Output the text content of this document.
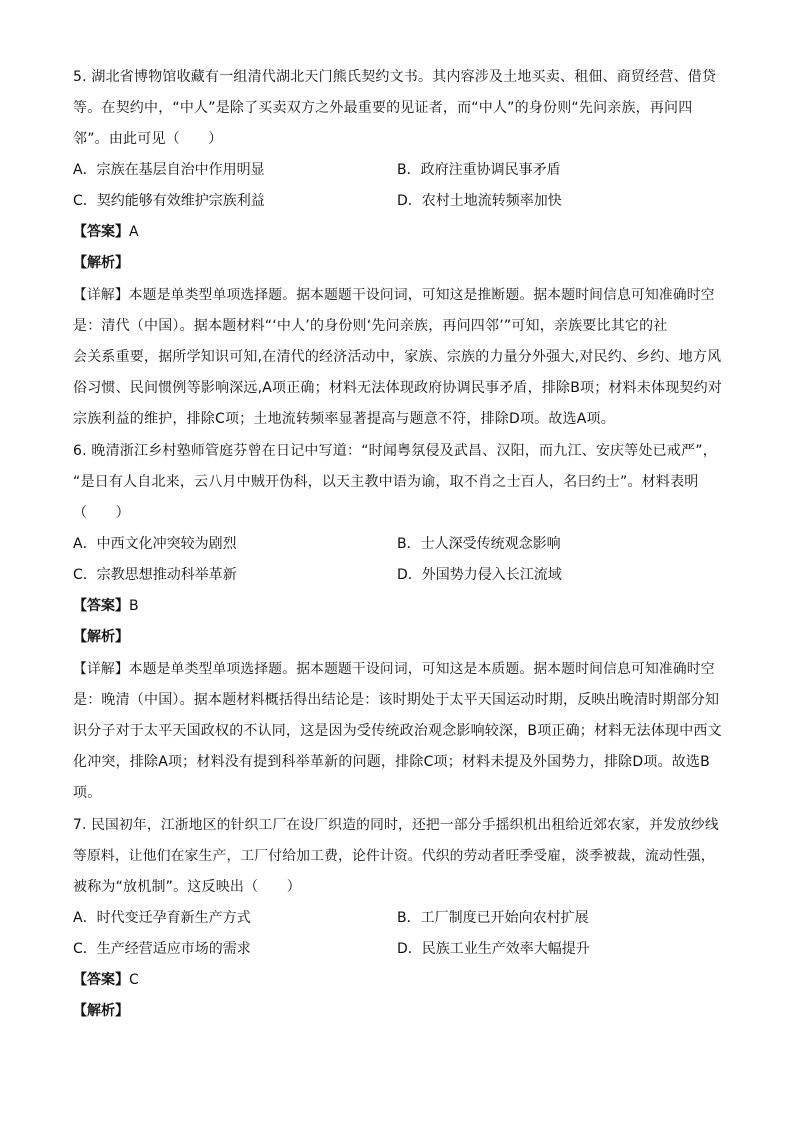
5. 湖北省博物馆收藏有一组清代湖北天门熊氏契约文书。其内容涉及土地买卖、租佃、商贸经营、借贷
等。在契约中，“中人”是除了买卖双方之外最重要的见证者，而“中人”的身份则“先问亲族，再问四
邻”。由此可见（　　）
A．宗族在基层自治中作用明显	B．政府注重协调民事矛盾
C．契约能够有效维护宗族利益	D．农村土地流转频率加快
【答案】A
【解析】
【详解】本题是单类型单项选择题。据本题题干设问词，可知这是推断题。据本题时间信息可知准确时空
是：清代（中国）。据本题材料“‘中人’的身份则‘先问亲族，再问四邻’”可知，亲族要比其它的社
会关系重要，据所学知识可知,在清代的经济活动中，家族、宗族的力量分外强大,对民约、乡约、地方风
俗习惯、民间惯例等影响深远,A项正确；材料无法体现政府协调民事矛盾，排除B项；材料未体现契约对
宗族利益的维护，排除C项；土地流转频率显著提高与题意不符，排除D项。故选A项。
6. 晚清浙江乡村塾师管庭芬曾在日记中写道：“时闻粤氛侵及武昌、汉阳，而九江、安庆等处已戒严”，
“是日有人自北来，云八月中贼开伪科，以天主教中语为谕，取不肖之士百人，名曰约士”。材料表明
（　　）
A．中西文化冲突较为剧烈	B．士人深受传统观念影响
C．宗教思想推动科举革新	D．外国势力侵入长江流域
【答案】B
【解析】
【详解】本题是单类型单项选择题。据本题题干设问词，可知这是本质题。据本题时间信息可知准确时空
是：晚清（中国）。据本题材料概括得出结论是：该时期处于太平天国运动时期，反映出晚清时期部分知
识分子对于太平天国政权的不认同，这是因为受传统政治观念影响较深，B项正确；材料无法体现中西文
化冲突，排除A项；材料没有提到科举革新的问题，排除C项；材料未提及外国势力，排除D项。故选B
项。
7. 民国初年，江浙地区的针织工厂在设厂织造的同时，还把一部分手摇织机出租给近郊农家，并发放纱线
等原料，让他们在家生产，工厂付给加工费，论件计资。代织的劳动者旺季受雇，淡季被裁，流动性强，
被称为“放机制”。这反映出（　　）
A．时代变迁孕育新生产方式	B．工厂制度已开始向农村扩展
C．生产经营适应市场的需求	D．民族工业生产效率大幅提升
【答案】C
【解析】
